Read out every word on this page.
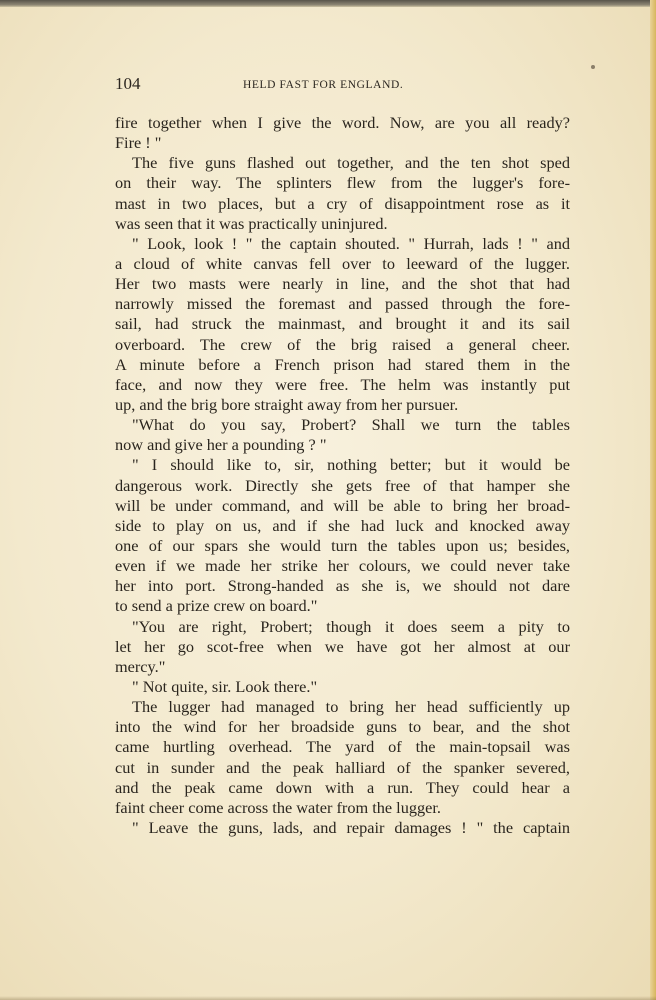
104	HELD FAST FOR ENGLAND.
fire together when I give the word. Now, are you all ready?
Fire ! "
The five guns flashed out together, and the ten shot sped
on their way. The splinters flew from the lugger's fore-
mast in two places, but a cry of disappointment rose as it
was seen that it was practically uninjured.
" Look, look ! " the captain shouted. " Hurrah, lads ! " and
a cloud of white canvas fell over to leeward of the lugger.
Her two masts were nearly in line, and the shot that had
narrowly missed the foremast and passed through the fore-
sail, had struck the mainmast, and brought it and its sail
overboard. The crew of the brig raised a general cheer.
A minute before a French prison had stared them in the
face, and now they were free. The helm was instantly put
up, and the brig bore straight away from her pursuer.
"What do you say, Probert? Shall we turn the tables
now and give her a pounding ? "
" I should like to, sir, nothing better; but it would be
dangerous work. Directly she gets free of that hamper she
will be under command, and will be able to bring her broad-
side to play on us, and if she had luck and knocked away
one of our spars she would turn the tables upon us; besides,
even if we made her strike her colours, we could never take
her into port. Strong-handed as she is, we should not dare
to send a prize crew on board."
"You are right, Probert; though it does seem a pity to
let her go scot-free when we have got her almost at our
mercy."
" Not quite, sir. Look there."
The lugger had managed to bring her head sufficiently up
into the wind for her broadside guns to bear, and the shot
came hurtling overhead. The yard of the main-topsail was
cut in sunder and the peak halliard of the spanker severed,
and the peak came down with a run. They could hear a
faint cheer come across the water from the lugger.
" Leave the guns, lads, and repair damages ! " the captain
